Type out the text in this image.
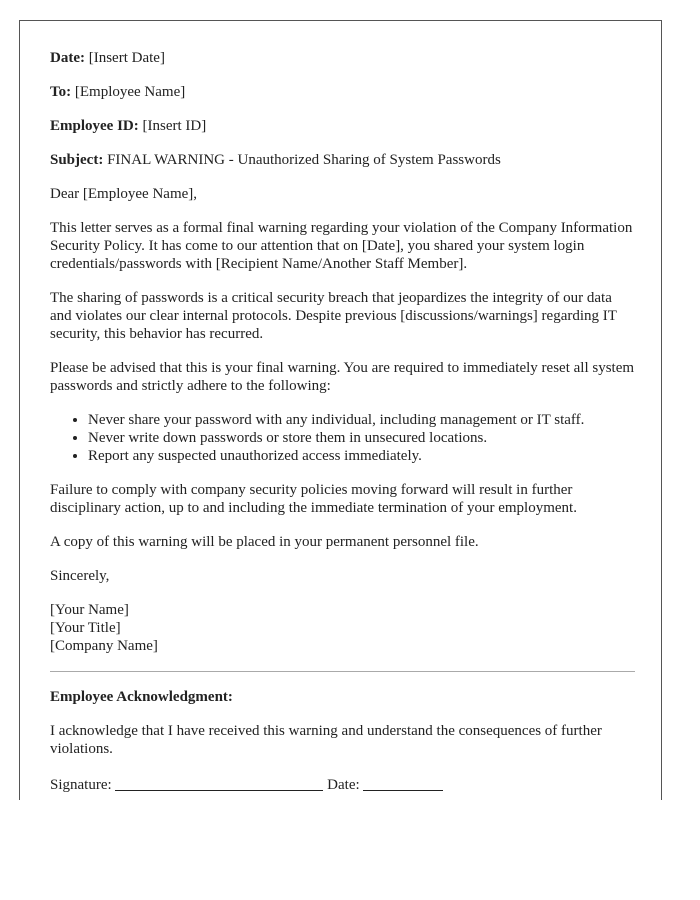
Date: [Insert Date]
To: [Employee Name]
Employee ID: [Insert ID]
Subject: FINAL WARNING - Unauthorized Sharing of System Passwords
Dear [Employee Name],
This letter serves as a formal final warning regarding your violation of the Company Information Security Policy. It has come to our attention that on [Date], you shared your system login credentials/passwords with [Recipient Name/Another Staff Member].
The sharing of passwords is a critical security breach that jeopardizes the integrity of our data and violates our clear internal protocols. Despite previous [discussions/warnings] regarding IT security, this behavior has recurred.
Please be advised that this is your final warning. You are required to immediately reset all system passwords and strictly adhere to the following:
• Never share your password with any individual, including management or IT staff.
• Never write down passwords or store them in unsecured locations.
• Report any suspected unauthorized access immediately.
Failure to comply with company security policies moving forward will result in further disciplinary action, up to and including the immediate termination of your employment.
A copy of this warning will be placed in your permanent personnel file.
Sincerely,
[Your Name]
[Your Title]
[Company Name]
Employee Acknowledgment:
I acknowledge that I have received this warning and understand the consequences of further violations.
Signature:	Date:
